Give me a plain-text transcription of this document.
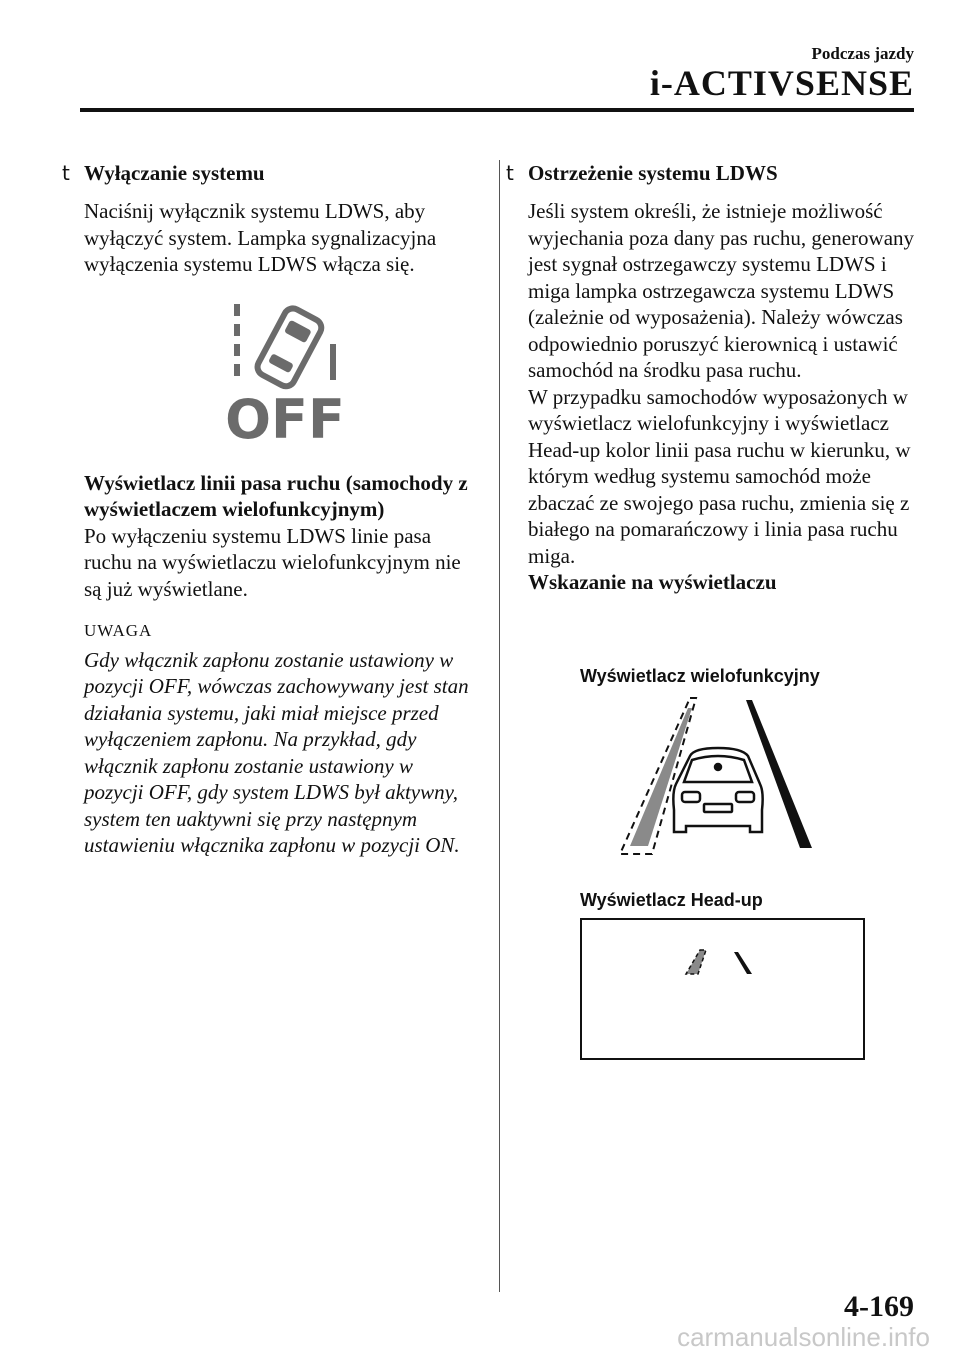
Podczas jazdy
i-ACTIVSENSE
t Wyłączanie systemu

Naciśnij wyłącznik systemu LDWS, aby wyłączyć system. Lampka sygnalizacyjna wyłączenia systemu LDWS włącza się.

OFF

Wyświetlacz linii pasa ruchu (samochody z wyświetlaczem wielofunkcyjnym)

Po wyłączeniu systemu LDWS linie pasa ruchu na wyświetlaczu wielofunkcyjnym nie są już wyświetlane.

UWAGA

Gdy włącznik zapłonu zostanie ustawiony w pozycji OFF, wówczas zachowywany jest stan działania systemu, jaki miał miejsce przed wyłączeniem zapłonu. Na przykład, gdy włącznik zapłonu zostanie ustawiony w pozycji OFF, gdy system LDWS był aktywny, system ten uaktywni się przy następnym ustawieniu włącznika zapłonu w pozycji ON.

t Ostrzeżenie systemu LDWS

Jeśli system określi, że istnieje możliwość wyjechania poza dany pas ruchu, generowany jest sygnał ostrzegawczy systemu LDWS i miga lampka ostrzegawcza systemu LDWS (zależnie od wyposażenia). Należy wówczas odpowiednio poruszyć kierownicą i ustawić samochód na środku pasa ruchu.

W przypadku samochodów wyposażonych w wyświetlacz wielofunkcyjny i wyświetlacz Head-up kolor linii pasa ruchu w kierunku, w którym według systemu samochód może zbaczać ze swojego pasa ruchu, zmienia się z białego na pomarańczowy i linia pasa ruchu miga.

Wskazanie na wyświetlaczu

Wyświetlacz wielofunkcyjny
Wyświetlacz Head-up
4-169
carmanualsonline.info
